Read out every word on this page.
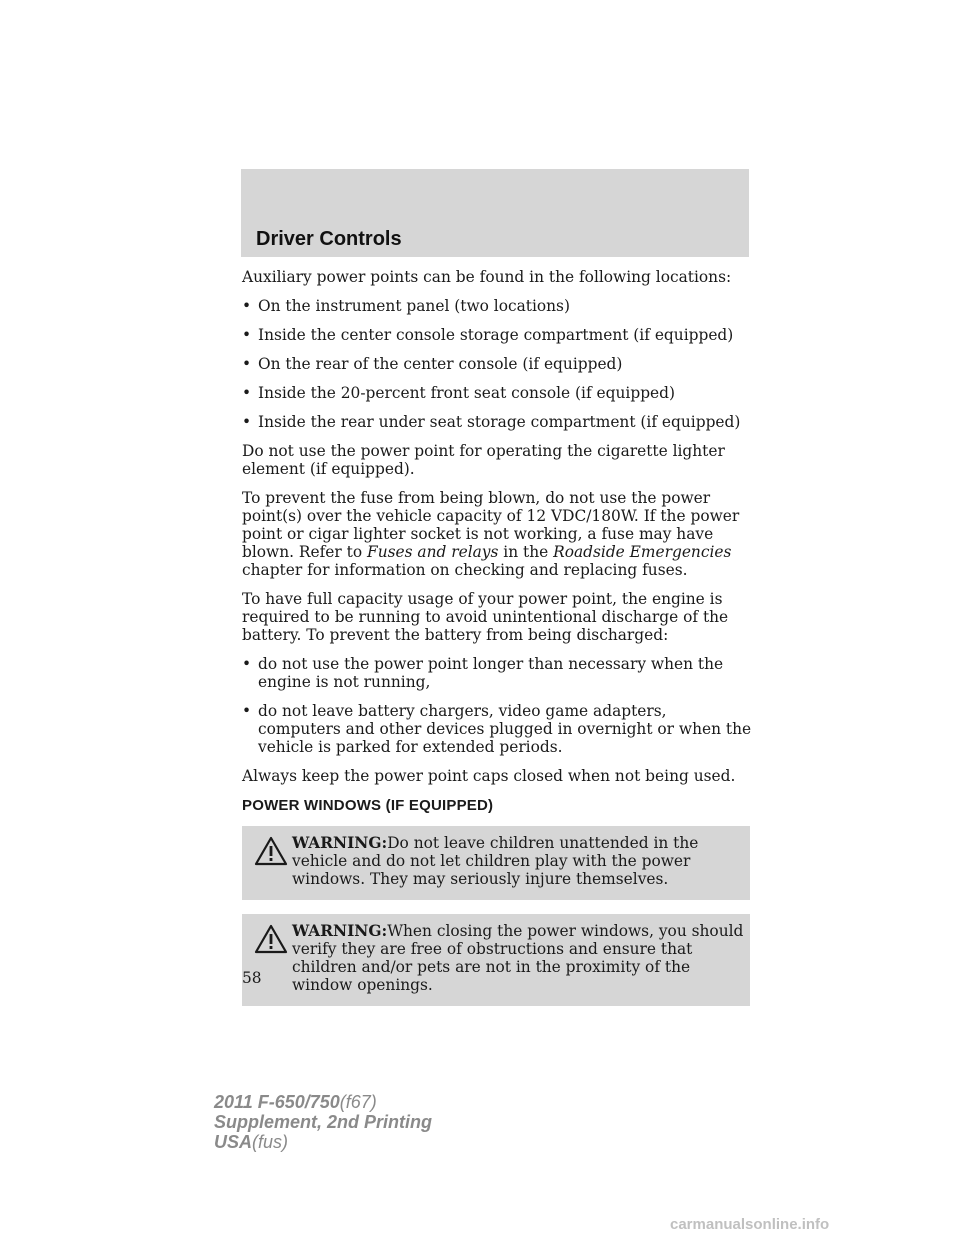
Driver Controls

Auxiliary power points can be found in the following locations:

• On the instrument panel (two locations)
• Inside the center console storage compartment (if equipped)
• On the rear of the center console (if equipped)
• Inside the 20-percent front seat console (if equipped)
• Inside the rear under seat storage compartment (if equipped)

Do not use the power point for operating the cigarette lighter element (if equipped).

To prevent the fuse from being blown, do not use the power point(s) over the vehicle capacity of 12 VDC/180W. If the power point or cigar lighter socket is not working, a fuse may have blown. Refer to Fuses and relays in the Roadside Emergencies chapter for information on checking and replacing fuses.

To have full capacity usage of your power point, the engine is required to be running to avoid unintentional discharge of the battery. To prevent the battery from being discharged:

• do not use the power point longer than necessary when the engine is not running,
• do not leave battery chargers, video game adapters, computers and other devices plugged in overnight or when the vehicle is parked for extended periods.

Always keep the power point caps closed when not being used.

POWER WINDOWS (IF EQUIPPED)
WARNING:Do not leave children unattended in the vehicle and do not let children play with the power windows. They may seriously injure themselves.
WARNING:When closing the power windows, you should verify they are free of obstructions and ensure that children and/or pets are not in the proximity of the window openings.
58
2011 F-650/750(f67)
Supplement, 2nd Printing
USA(fus)
carmanualsonline.info
